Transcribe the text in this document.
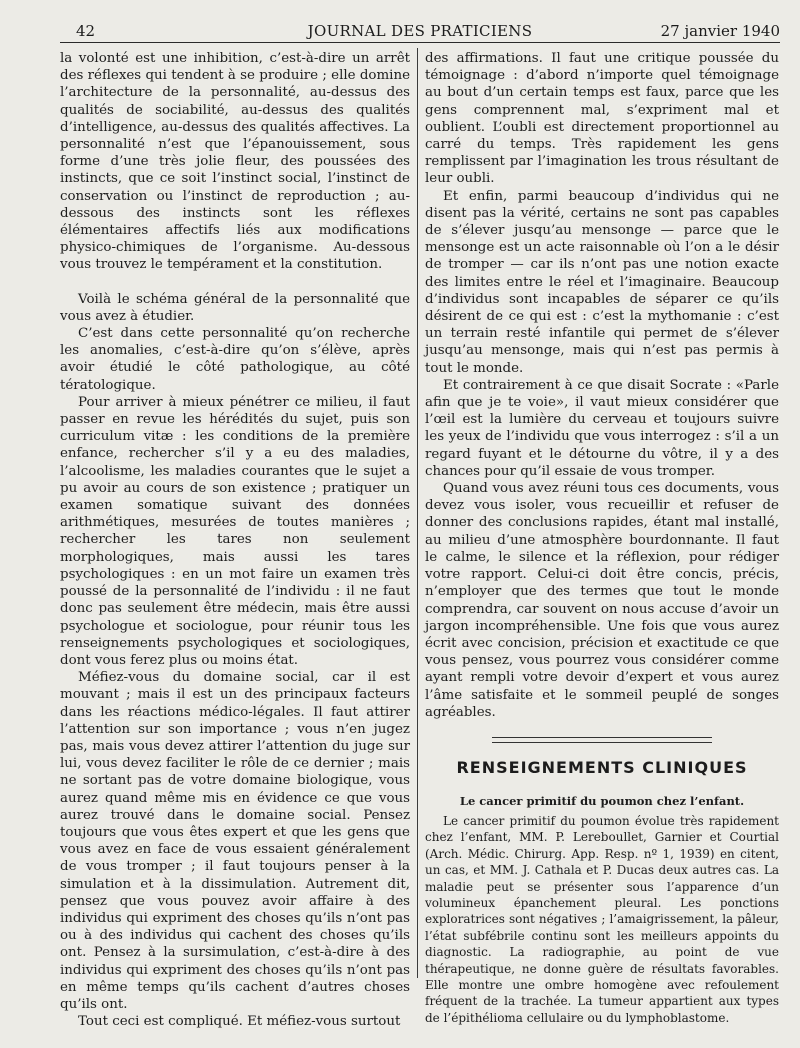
42	JOURNAL DES PRATICIENS	27 janvier 1940

la volonté est une inhibition, c’est-à-dire un arrêt des réflexes qui tendent à se produire ; elle domine l’architecture de la personnalité, au-dessus des qualités de sociabilité, au-dessus des qualités d’intelligence, au-dessus des qualités affectives. La personnalité n’est que l’épanouissement, sous forme d’une très jolie fleur, des poussées des instincts, que ce soit l’instinct social, l’instinct de conservation ou l’instinct de reproduction ; au-dessous des instincts sont les réflexes élémentaires affectifs liés aux modifications physico-chimiques de l’organisme. Au-dessous vous trouvez le tempérament et la constitution.

Voilà le schéma général de la personnalité que vous avez à étudier.

C’est dans cette personnalité qu’on recherche les anomalies, c’est-à-dire qu’on s’élève, après avoir étudié le côté pathologique, au côté tératologique.

Pour arriver à mieux pénétrer ce milieu, il faut passer en revue les hérédités du sujet, puis son curriculum vitæ : les conditions de la première enfance, rechercher s’il y a eu des maladies, l’alcoolisme, les maladies courantes que le sujet a pu avoir au cours de son existence ; pratiquer un examen somatique suivant des données arithmétiques, mesurées de toutes manières ; rechercher les tares non seulement morphologiques, mais aussi les tares psychologiques : en un mot faire un examen très poussé de la personnalité de l’individu : il ne faut donc pas seulement être médecin, mais être aussi psychologue et sociologue, pour réunir tous les renseignements psychologiques et sociologiques, dont vous ferez plus ou moins état.

Méfiez-vous du domaine social, car il est mouvant ; mais il est un des principaux facteurs dans les réactions médico-légales. Il faut attirer l’attention sur son importance ; vous n’en jugez pas, mais vous devez attirer l’attention du juge sur lui, vous devez faciliter le rôle de ce dernier ; mais ne sortant pas de votre domaine biologique, vous aurez quand même mis en évidence ce que vous aurez trouvé dans le domaine social. Pensez toujours que vous êtes expert et que les gens que vous avez en face de vous essaient généralement de vous tromper ; il faut toujours penser à la simulation et à la dissimulation. Autrement dit, pensez que vous pouvez avoir affaire à des individus qui expriment des choses qu’ils n’ont pas ou à des individus qui cachent des choses qu’ils ont. Pensez à la sursimulation, c’est-à-dire à des individus qui expriment des choses qu’ils n’ont pas en même temps qu’ils cachent d’autres choses qu’ils ont.

Tout ceci est compliqué. Et méfiez-vous surtout

des affirmations. Il faut une critique poussée du témoignage : d’abord n’importe quel témoignage au bout d’un certain temps est faux, parce que les gens comprennent mal, s’expriment mal et oublient. L’oubli est directement proportionnel au carré du temps. Très rapidement les gens remplissent par l’imagination les trous résultant de leur oubli.

Et enfin, parmi beaucoup d’individus qui ne disent pas la vérité, certains ne sont pas capables de s’élever jusqu’au mensonge — parce que le mensonge est un acte raisonnable où l’on a le désir de tromper — car ils n’ont pas une notion exacte des limites entre le réel et l’imaginaire. Beaucoup d’individus sont incapables de séparer ce qu’ils désirent de ce qui est : c’est la mythomanie : c’est un terrain resté infantile qui permet de s’élever jusqu’au mensonge, mais qui n’est pas permis à tout le monde.

Et contrairement à ce que disait Socrate : «Parle afin que je te voie», il vaut mieux considérer que l’œil est la lumière du cerveau et toujours suivre les yeux de l’individu que vous interrogez : s’il a un regard fuyant et le détourne du vôtre, il y a des chances pour qu’il essaie de vous tromper.

Quand vous avez réuni tous ces documents, vous devez vous isoler, vous recueillir et refuser de donner des conclusions rapides, étant mal installé, au milieu d’une atmosphère bourdonnante. Il faut le calme, le silence et la réflexion, pour rédiger votre rapport. Celui-ci doit être concis, précis, n’employer que des termes que tout le monde comprendra, car souvent on nous accuse d’avoir un jargon incompréhensible. Une fois que vous aurez écrit avec concision, précision et exactitude ce que vous pensez, vous pourrez vous considérer comme ayant rempli votre devoir d’expert et vous aurez l’âme satisfaite et le sommeil peuplé de songes agréables.

RENSEIGNEMENTS CLINIQUES
Le cancer primitif du poumon chez l’enfant.

Le cancer primitif du poumon évolue très rapidement chez l’enfant, MM. P. Lereboullet, Garnier et Courtial (Arch. Médic. Chirurg. App. Resp. nº 1, 1939) en citent, un cas, et MM. J. Cathala et P. Ducas deux autres cas. La maladie peut se présenter sous l’apparence d’un volumineux épanchement pleural. Les ponctions exploratrices sont négatives ; l’amaigrissement, la pâleur, l’état subfébrile continu sont les meilleurs appoints du diagnostic. La radiographie, au point de vue thérapeutique, ne donne guère de résultats favorables. Elle montre une ombre homogène avec refoulement fréquent de la trachée. La tumeur appartient aux types de l’épithélioma cellulaire ou du lymphoblastome.
